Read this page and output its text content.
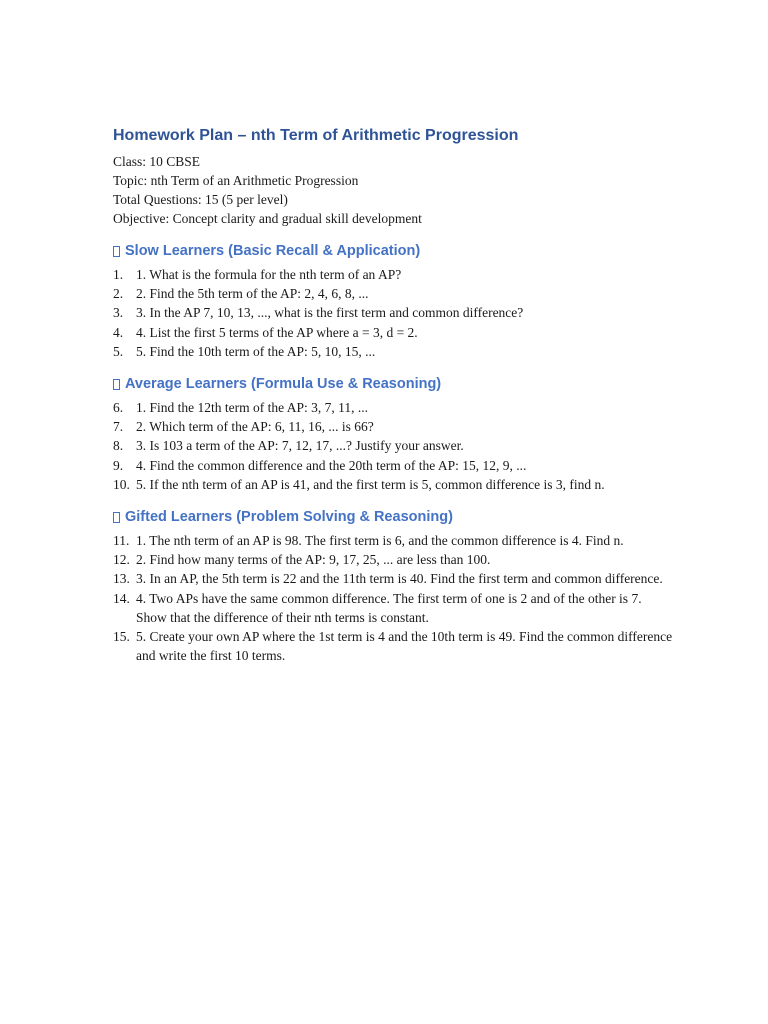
Homework Plan – nth Term of Arithmetic Progression

Class: 10 CBSE

Topic: nth Term of an Arithmetic Progression

Total Questions: 15 (5 per level)

Objective: Concept clarity and gradual skill development

Slow Learners (Basic Recall & Application)
1. 1. What is the formula for the nth term of an AP?
2. 2. Find the 5th term of the AP: 2, 4, 6, 8, ...
3. 3. In the AP 7, 10, 13, ..., what is the first term and common difference?
4. 4. List the first 5 terms of the AP where a = 3, d = 2.
5. 5. Find the 10th term of the AP: 5, 10, 15, ...
Average Learners (Formula Use & Reasoning)
6. 1. Find the 12th term of the AP: 3, 7, 11, ...
7. 2. Which term of the AP: 6, 11, 16, ... is 66?
8. 3. Is 103 a term of the AP: 7, 12, 17, ...? Justify your answer.
9. 4. Find the common difference and the 20th term of the AP: 15, 12, 9, ...
10. 5. If the nth term of an AP is 41, and the first term is 5, common difference is 3, find n.
Gifted Learners (Problem Solving & Reasoning)
11. 1. The nth term of an AP is 98. The first term is 6, and the common difference is 4. Find n.
12. 2. Find how many terms of the AP: 9, 17, 25, ... are less than 100.
13. 3. In an AP, the 5th term is 22 and the 11th term is 40. Find the first term and common difference.
14. 4. Two APs have the same common difference. The first term of one is 2 and of the other is 7. Show that the difference of their nth terms is constant.
15. 5. Create your own AP where the 1st term is 4 and the 10th term is 49. Find the common difference and write the first 10 terms.
